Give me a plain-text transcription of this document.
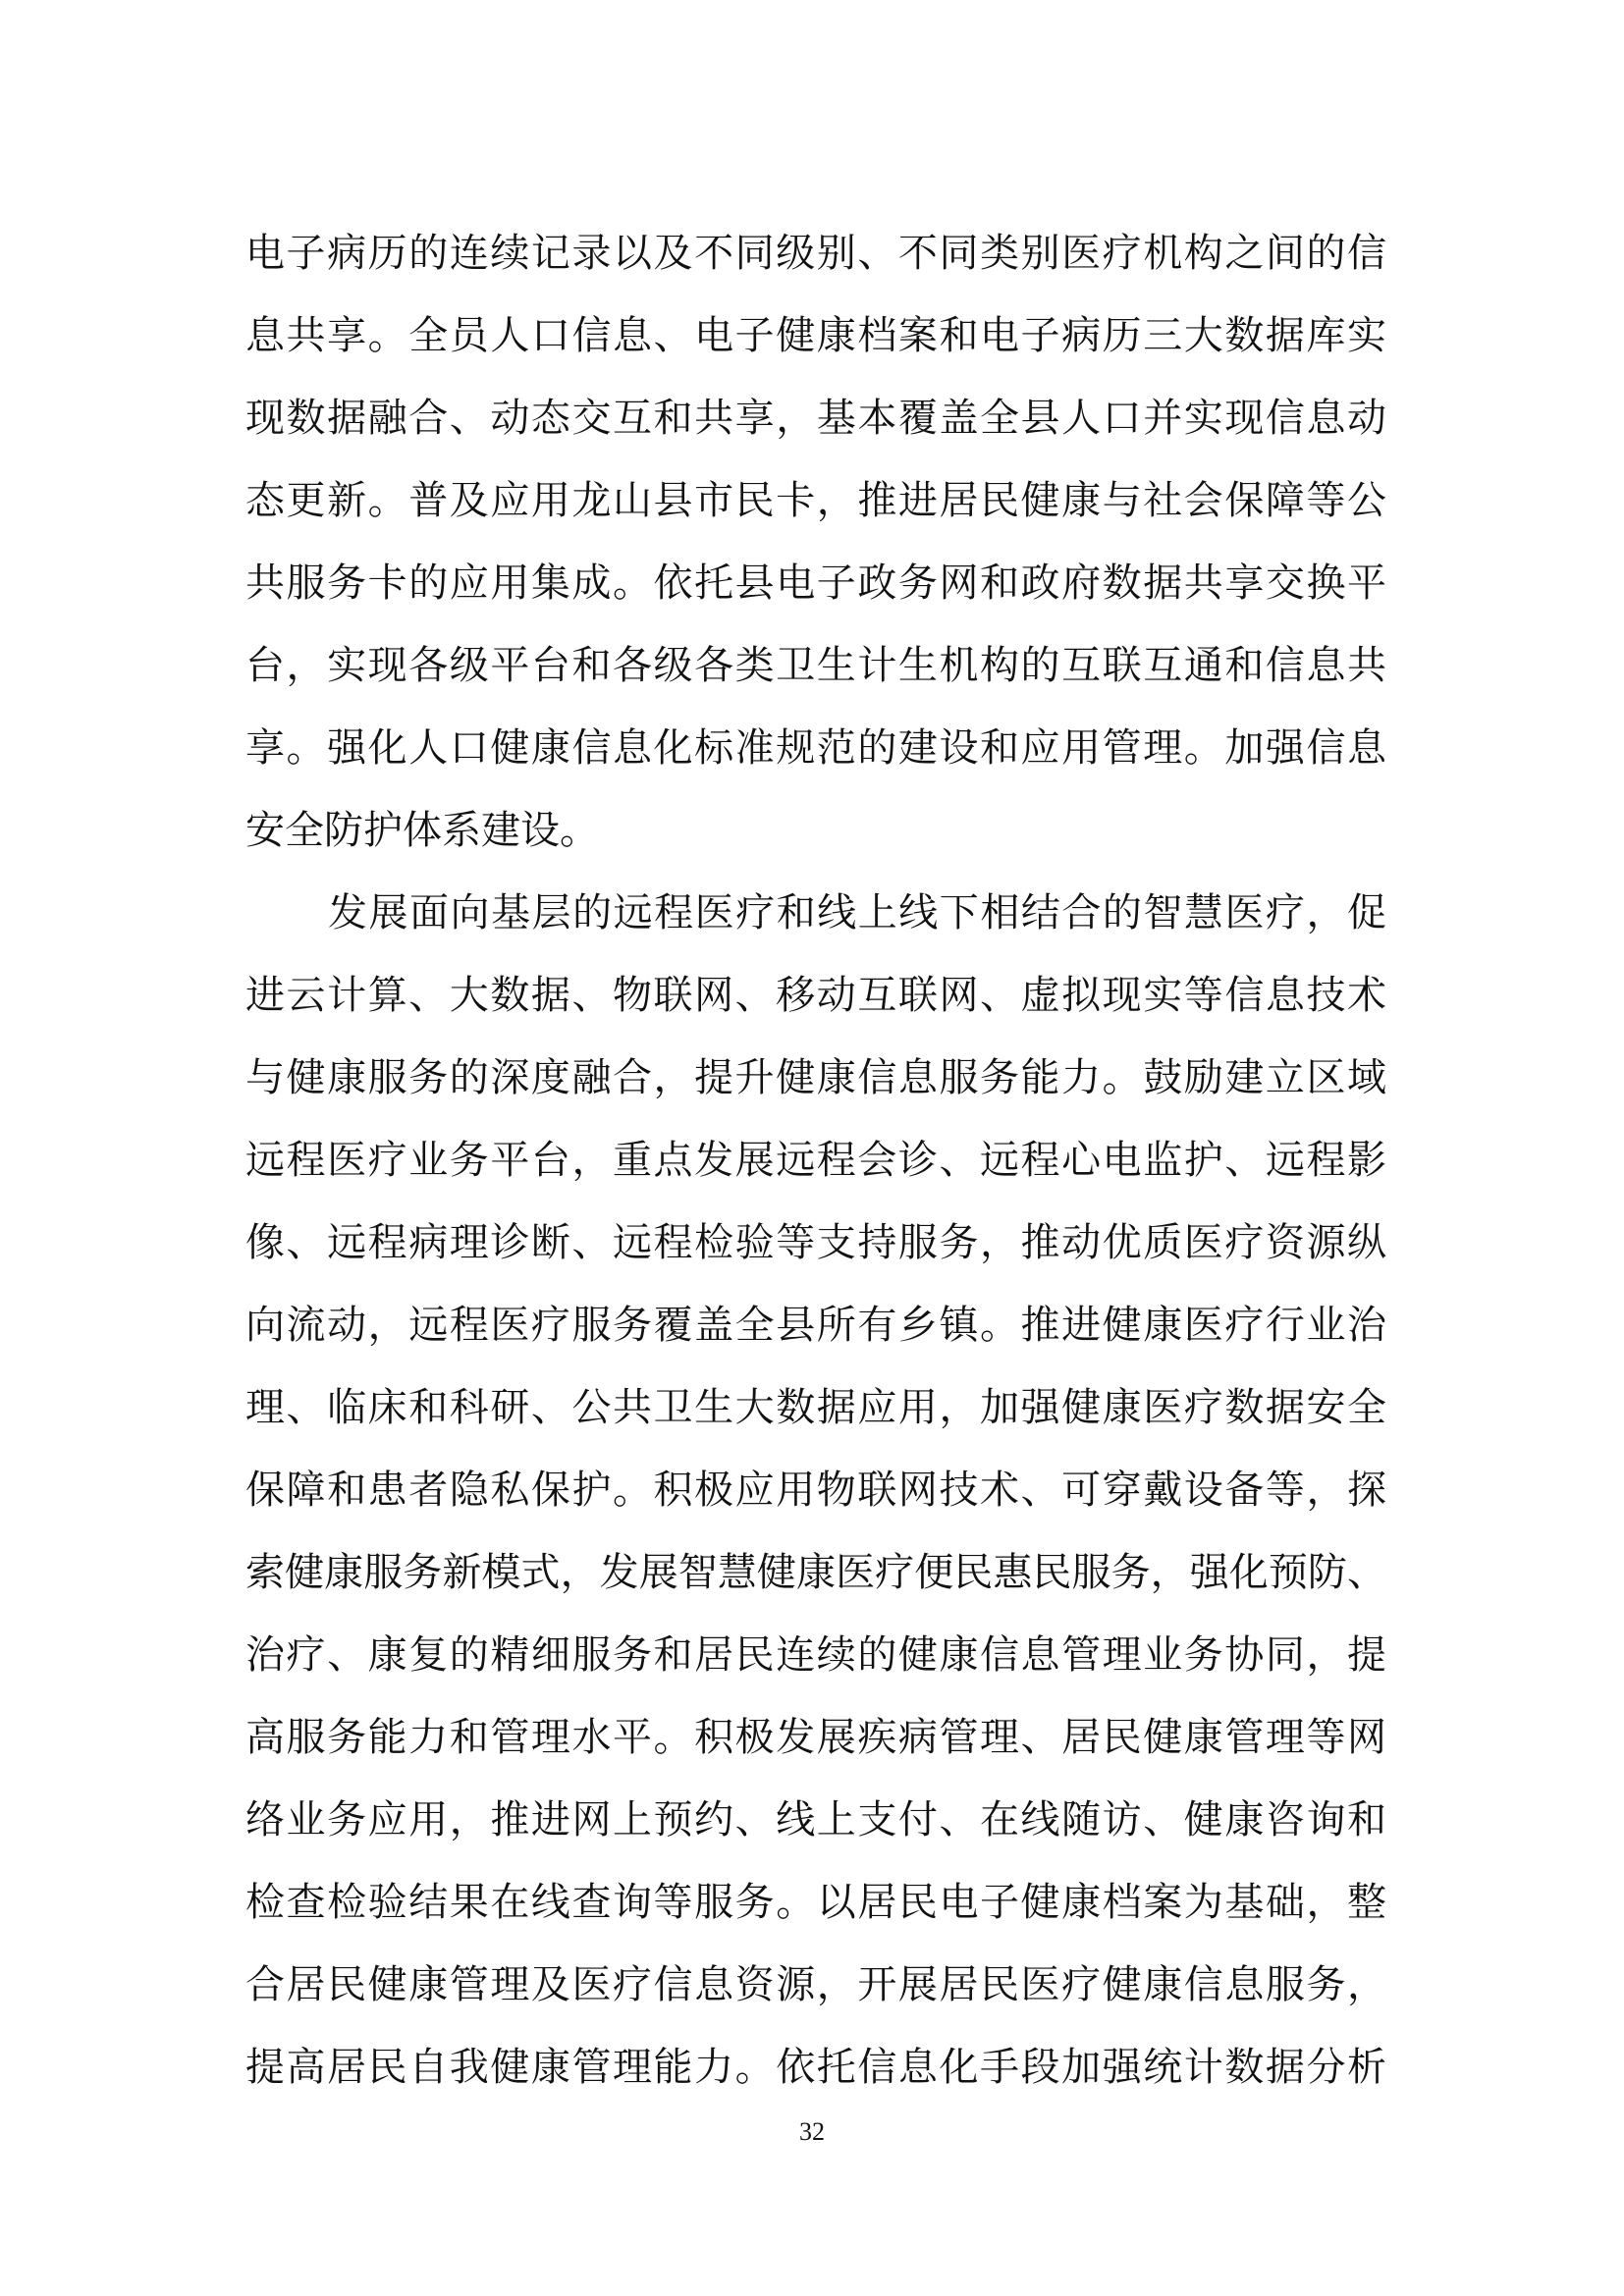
电子病历的连续记录以及不同级别、不同类别医疗机构之间的信
息共享。全员人口信息、电子健康档案和电子病历三大数据库实
现数据融合、动态交互和共享，基本覆盖全县人口并实现信息动
态更新。普及应用龙山县市民卡，推进居民健康与社会保障等公
共服务卡的应用集成。依托县电子政务网和政府数据共享交换平
台，实现各级平台和各级各类卫生计生机构的互联互通和信息共
享。强化人口健康信息化标准规范的建设和应用管理。加强信息
安全防护体系建设。
发展面向基层的远程医疗和线上线下相结合的智慧医疗，促
进云计算、大数据、物联网、移动互联网、虚拟现实等信息技术
与健康服务的深度融合，提升健康信息服务能力。鼓励建立区域
远程医疗业务平台，重点发展远程会诊、远程心电监护、远程影
像、远程病理诊断、远程检验等支持服务，推动优质医疗资源纵
向流动，远程医疗服务覆盖全县所有乡镇。推进健康医疗行业治
理、临床和科研、公共卫生大数据应用，加强健康医疗数据安全
保障和患者隐私保护。积极应用物联网技术、可穿戴设备等，探
索健康服务新模式，发展智慧健康医疗便民惠民服务，强化预防、
治疗、康复的精细服务和居民连续的健康信息管理业务协同，提
高服务能力和管理水平。积极发展疾病管理、居民健康管理等网
络业务应用，推进网上预约、线上支付、在线随访、健康咨询和
检查检验结果在线查询等服务。以居民电子健康档案为基础，整
合居民健康管理及医疗信息资源，开展居民医疗健康信息服务，
提高居民自我健康管理能力。依托信息化手段加强统计数据分析
32
